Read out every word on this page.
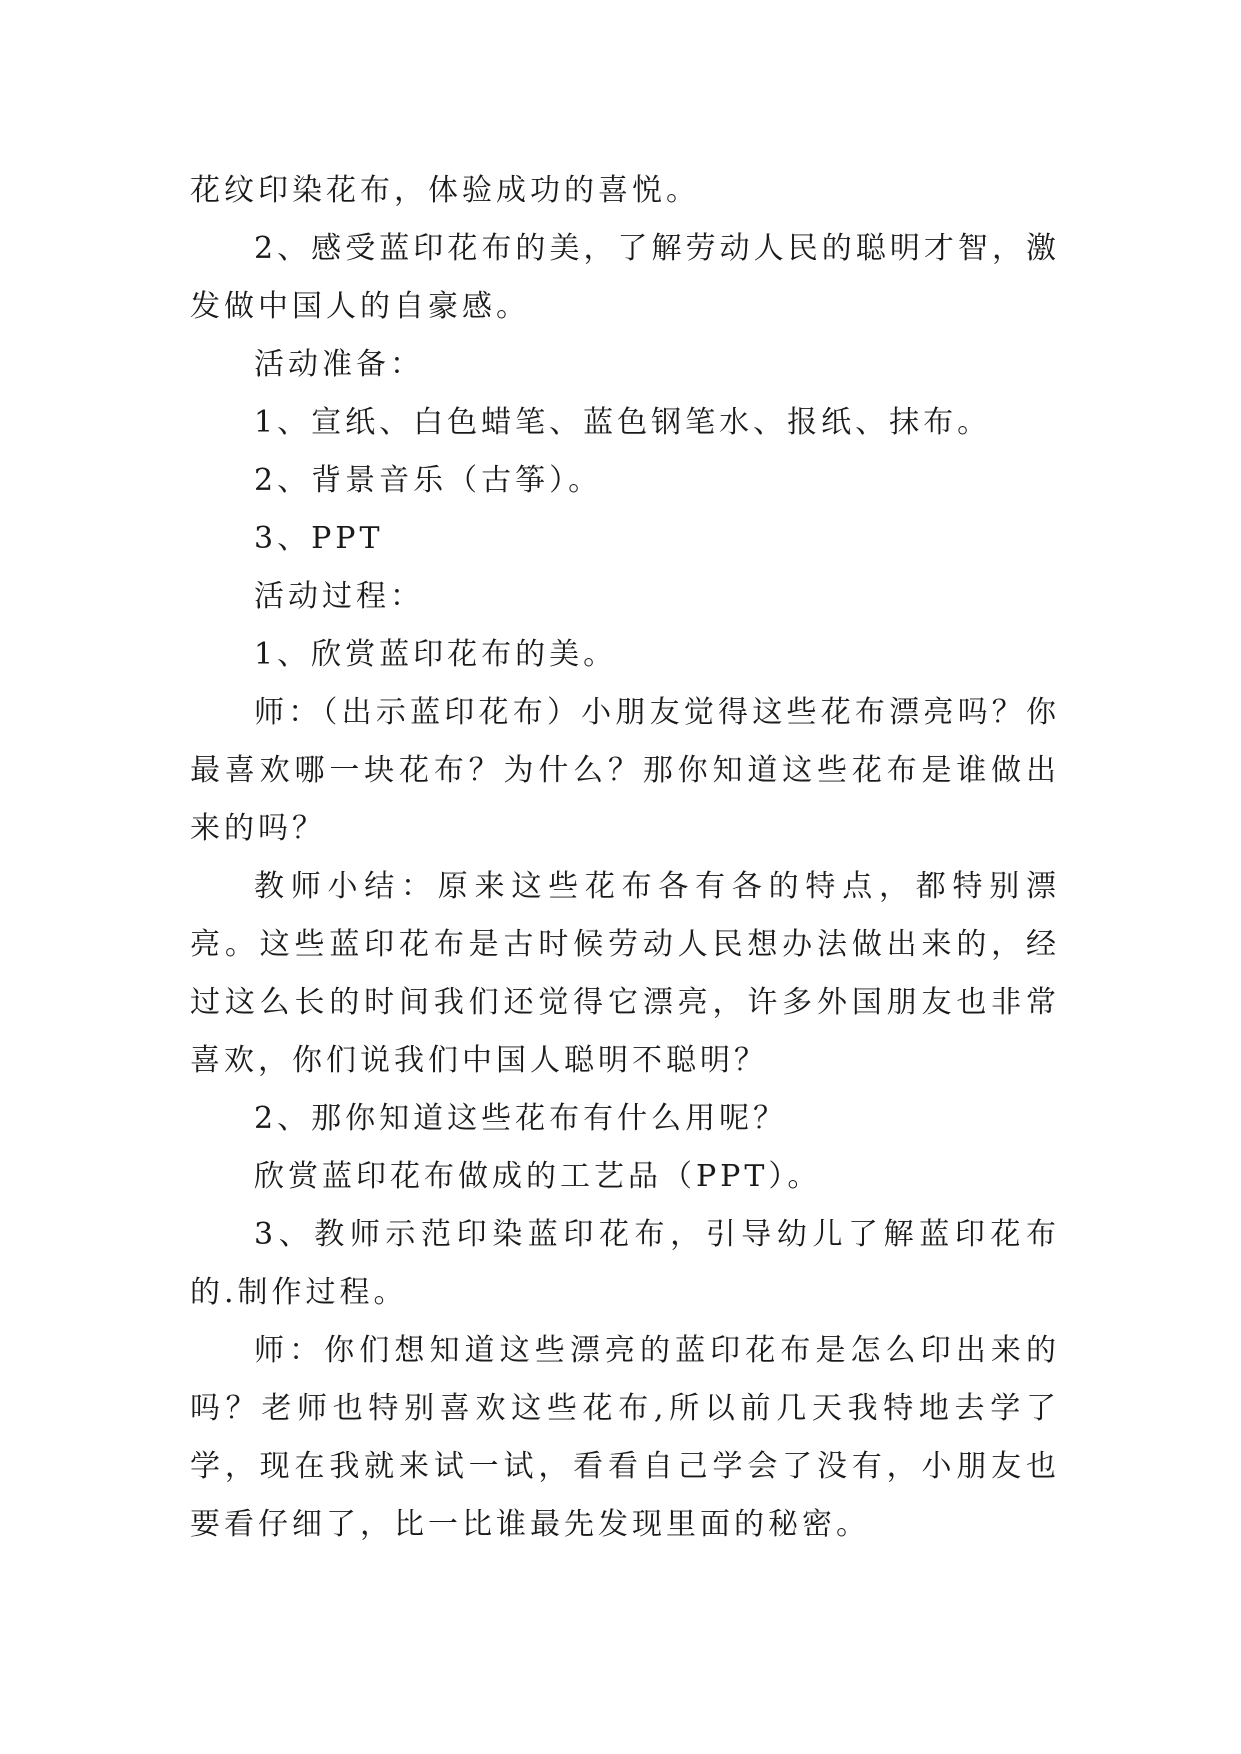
花纹印染花布，体验成功的喜悦。

2、感受蓝印花布的美，了解劳动人民的聪明才智，激发做中国人的自豪感。

活动准备：

1、宣纸、白色蜡笔、蓝色钢笔水、报纸、抹布。

2、背景音乐（古筝）。

3、PPT

活动过程：

1、欣赏蓝印花布的美。

师：（出示蓝印花布）小朋友觉得这些花布漂亮吗？你最喜欢哪一块花布？为什么？那你知道这些花布是谁做出来的吗？

教师小结：原来这些花布各有各的特点，都特别漂亮。这些蓝印花布是古时候劳动人民想办法做出来的，经过这么长的时间我们还觉得它漂亮，许多外国朋友也非常喜欢，你们说我们中国人聪明不聪明？

2、那你知道这些花布有什么用呢？

欣赏蓝印花布做成的工艺品（PPT）。

3、教师示范印染蓝印花布，引导幼儿了解蓝印花布的.制作过程。

师：你们想知道这些漂亮的蓝印花布是怎么印出来的吗？老师也特别喜欢这些花布,所以前几天我特地去学了学，现在我就来试一试，看看自己学会了没有，小朋友也要看仔细了，比一比谁最先发现里面的秘密。
